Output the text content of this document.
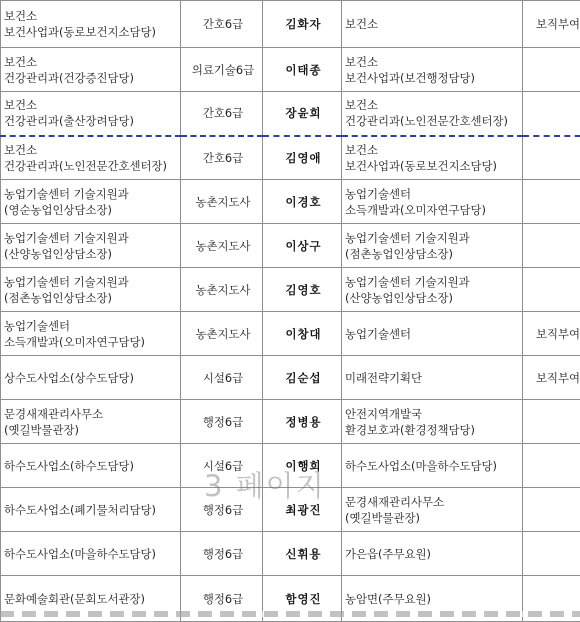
보건소
보건사업과(동로보건지소담당)	간호6급	김화자	보건소	보직부여

보건소
건강관리과(건강증진담당)	의료기술6급	이태종	보건소
보건사업과(보건행정담당)	

보건소
건강관리과(출산장려담당)	간호6급	장윤희	보건소
건강관리과(노인전문간호센터장)	

보건소
건강관리과(노인전문간호센터장)	간호6급	김영애	보건소
보건사업과(동로보건지소담당)	

농업기술센터 기술지원과
(영순농업인상담소장)	농촌지도사	이경호	농업기술센터
소득개발과(오미자연구담당)	

농업기술센터 기술지원과
(산양농업인상담소장)	농촌지도사	이상구	농업기술센터 기술지원과
(점촌농업인상담소장)	

농업기술센터 기술지원과
(점촌농업인상담소장)	농촌지도사	김영호	농업기술센터 기술지원과
(산양농업인상담소장)	

농업기술센터
소득개발과(오미자연구담당)	농촌지도사	이창대	농업기술센터	보직부여

상수도사업소(상수도담당)	시설6급	김순섭	미래전략기획단	보직부여

문경새재관리사무소
(옛길박물관장)	행정6급	정병용	안전지역개발국
환경보호과(환경정책담당)	

하수도사업소(하수도담당)	시설6급	이행희	하수도사업소(마을하수도담당)	

하수도사업소(폐기물처리담당)	행정6급	최광진	문경새재관리사무소
(옛길박물관장)	

하수도사업소(마을하수도담당)	행정6급	신휘용	가은읍(주무요원)	

문화예술회관(문회도서관장)	행정6급	함영진	농암면(주무요원)	

3 페이지
